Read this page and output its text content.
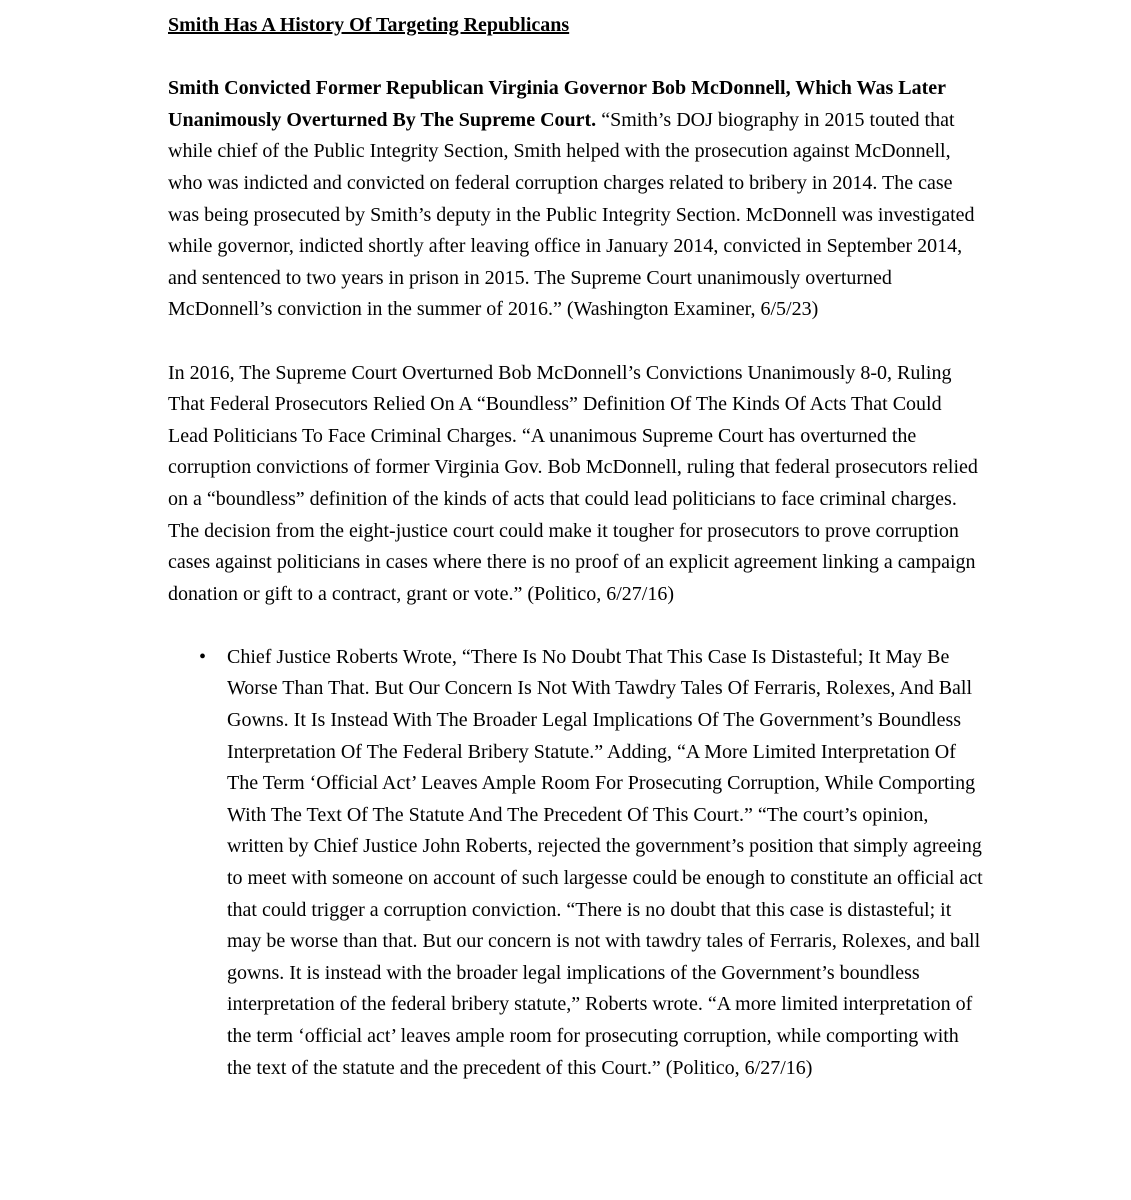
Smith Has A History Of Targeting Republicans

Smith Convicted Former Republican Virginia Governor Bob McDonnell, Which Was Later Unanimously Overturned By The Supreme Court. “Smith’s DOJ biography in 2015 touted that while chief of the Public Integrity Section, Smith helped with the prosecution against McDonnell, who was indicted and convicted on federal corruption charges related to bribery in 2014. The case was being prosecuted by Smith’s deputy in the Public Integrity Section. McDonnell was investigated while governor, indicted shortly after leaving office in January 2014, convicted in September 2014, and sentenced to two years in prison in 2015. The Supreme Court unanimously overturned McDonnell’s conviction in the summer of 2016.” (Washington Examiner, 6/5/23)

In 2016, The Supreme Court Overturned Bob McDonnell’s Convictions Unanimously 8-0, Ruling That Federal Prosecutors Relied On A “Boundless” Definition Of The Kinds Of Acts That Could Lead Politicians To Face Criminal Charges. “A unanimous Supreme Court has overturned the corruption convictions of former Virginia Gov. Bob McDonnell, ruling that federal prosecutors relied on a “boundless” definition of the kinds of acts that could lead politicians to face criminal charges. The decision from the eight-justice court could make it tougher for prosecutors to prove corruption cases against politicians in cases where there is no proof of an explicit agreement linking a campaign donation or gift to a contract, grant or vote.” (Politico, 6/27/16)

• Chief Justice Roberts Wrote, “There Is No Doubt That This Case Is Distasteful; It May Be Worse Than That. But Our Concern Is Not With Tawdry Tales Of Ferraris, Rolexes, And Ball Gowns. It Is Instead With The Broader Legal Implications Of The Government’s Boundless Interpretation Of The Federal Bribery Statute.” Adding, “A More Limited Interpretation Of The Term ‘Official Act’ Leaves Ample Room For Prosecuting Corruption, While Comporting With The Text Of The Statute And The Precedent Of This Court.” “The court’s opinion, written by Chief Justice John Roberts, rejected the government’s position that simply agreeing to meet with someone on account of such largesse could be enough to constitute an official act that could trigger a corruption conviction. “There is no doubt that this case is distasteful; it may be worse than that. But our concern is not with tawdry tales of Ferraris, Rolexes, and ball gowns. It is instead with the broader legal implications of the Government’s boundless interpretation of the federal bribery statute,” Roberts wrote. “A more limited interpretation of the term ‘official act’ leaves ample room for prosecuting corruption, while comporting with the text of the statute and the precedent of this Court.” (Politico, 6/27/16)
